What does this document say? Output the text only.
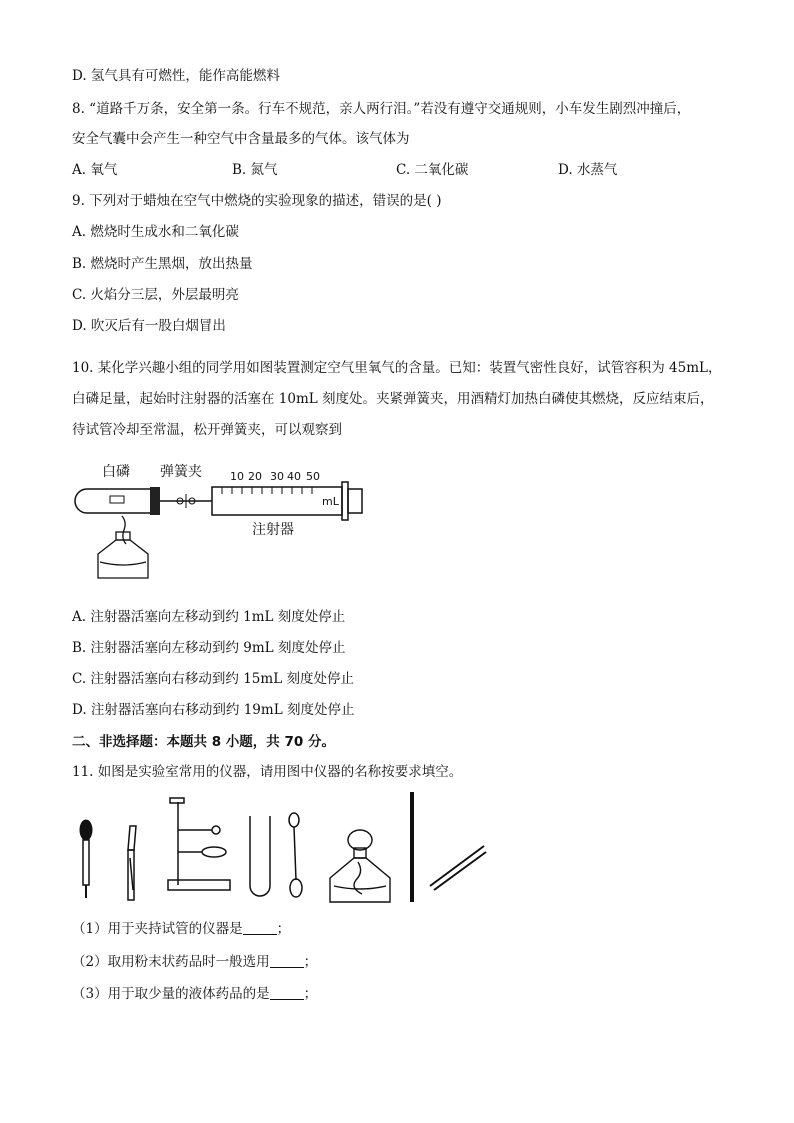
D. 氢气具有可燃性，能作高能燃料
8. “道路千万条，安全第一条。行车不规范，亲人两行泪。”若没有遵守交通规则，小车发生剧烈冲撞后，
安全气囊中会产生一种空气中含量最多的气体。该气体为
A. 氧气	B. 氮气	C. 二氧化碳	D. 水蒸气
9. 下列对于蜡烛在空气中燃烧的实验现象的描述，错误的是( )
A. 燃烧时生成水和二氧化碳
B. 燃烧时产生黑烟，放出热量
C. 火焰分三层，外层最明亮
D. 吹灭后有一股白烟冒出
10. 某化学兴趣小组的同学用如图装置测定空气里氧气的含量。已知：装置气密性良好，试管容积为 45mL，
白磷足量，起始时注射器的活塞在 10mL 刻度处。夹紧弹簧夹，用酒精灯加热白磷使其燃烧，反应结束后，
待试管冷却至常温，松开弹簧夹，可以观察到
白磷 弹簧夹	10 20 30 40 50
mL
注射器
A. 注射器活塞向左移动到约 1mL 刻度处停止
B. 注射器活塞向左移动到约 9mL 刻度处停止
C. 注射器活塞向右移动到约 15mL 刻度处停止
D. 注射器活塞向右移动到约 19mL 刻度处停止
二、非选择题：本题共 8 小题，共 70 分。
11. 如图是实验室常用的仪器，请用图中仪器的名称按要求填空。
（1）用于夹持试管的仪器是	；
（2）取用粉末状药品时一般选用	；
（3）用于取少量的液体药品的是	；
